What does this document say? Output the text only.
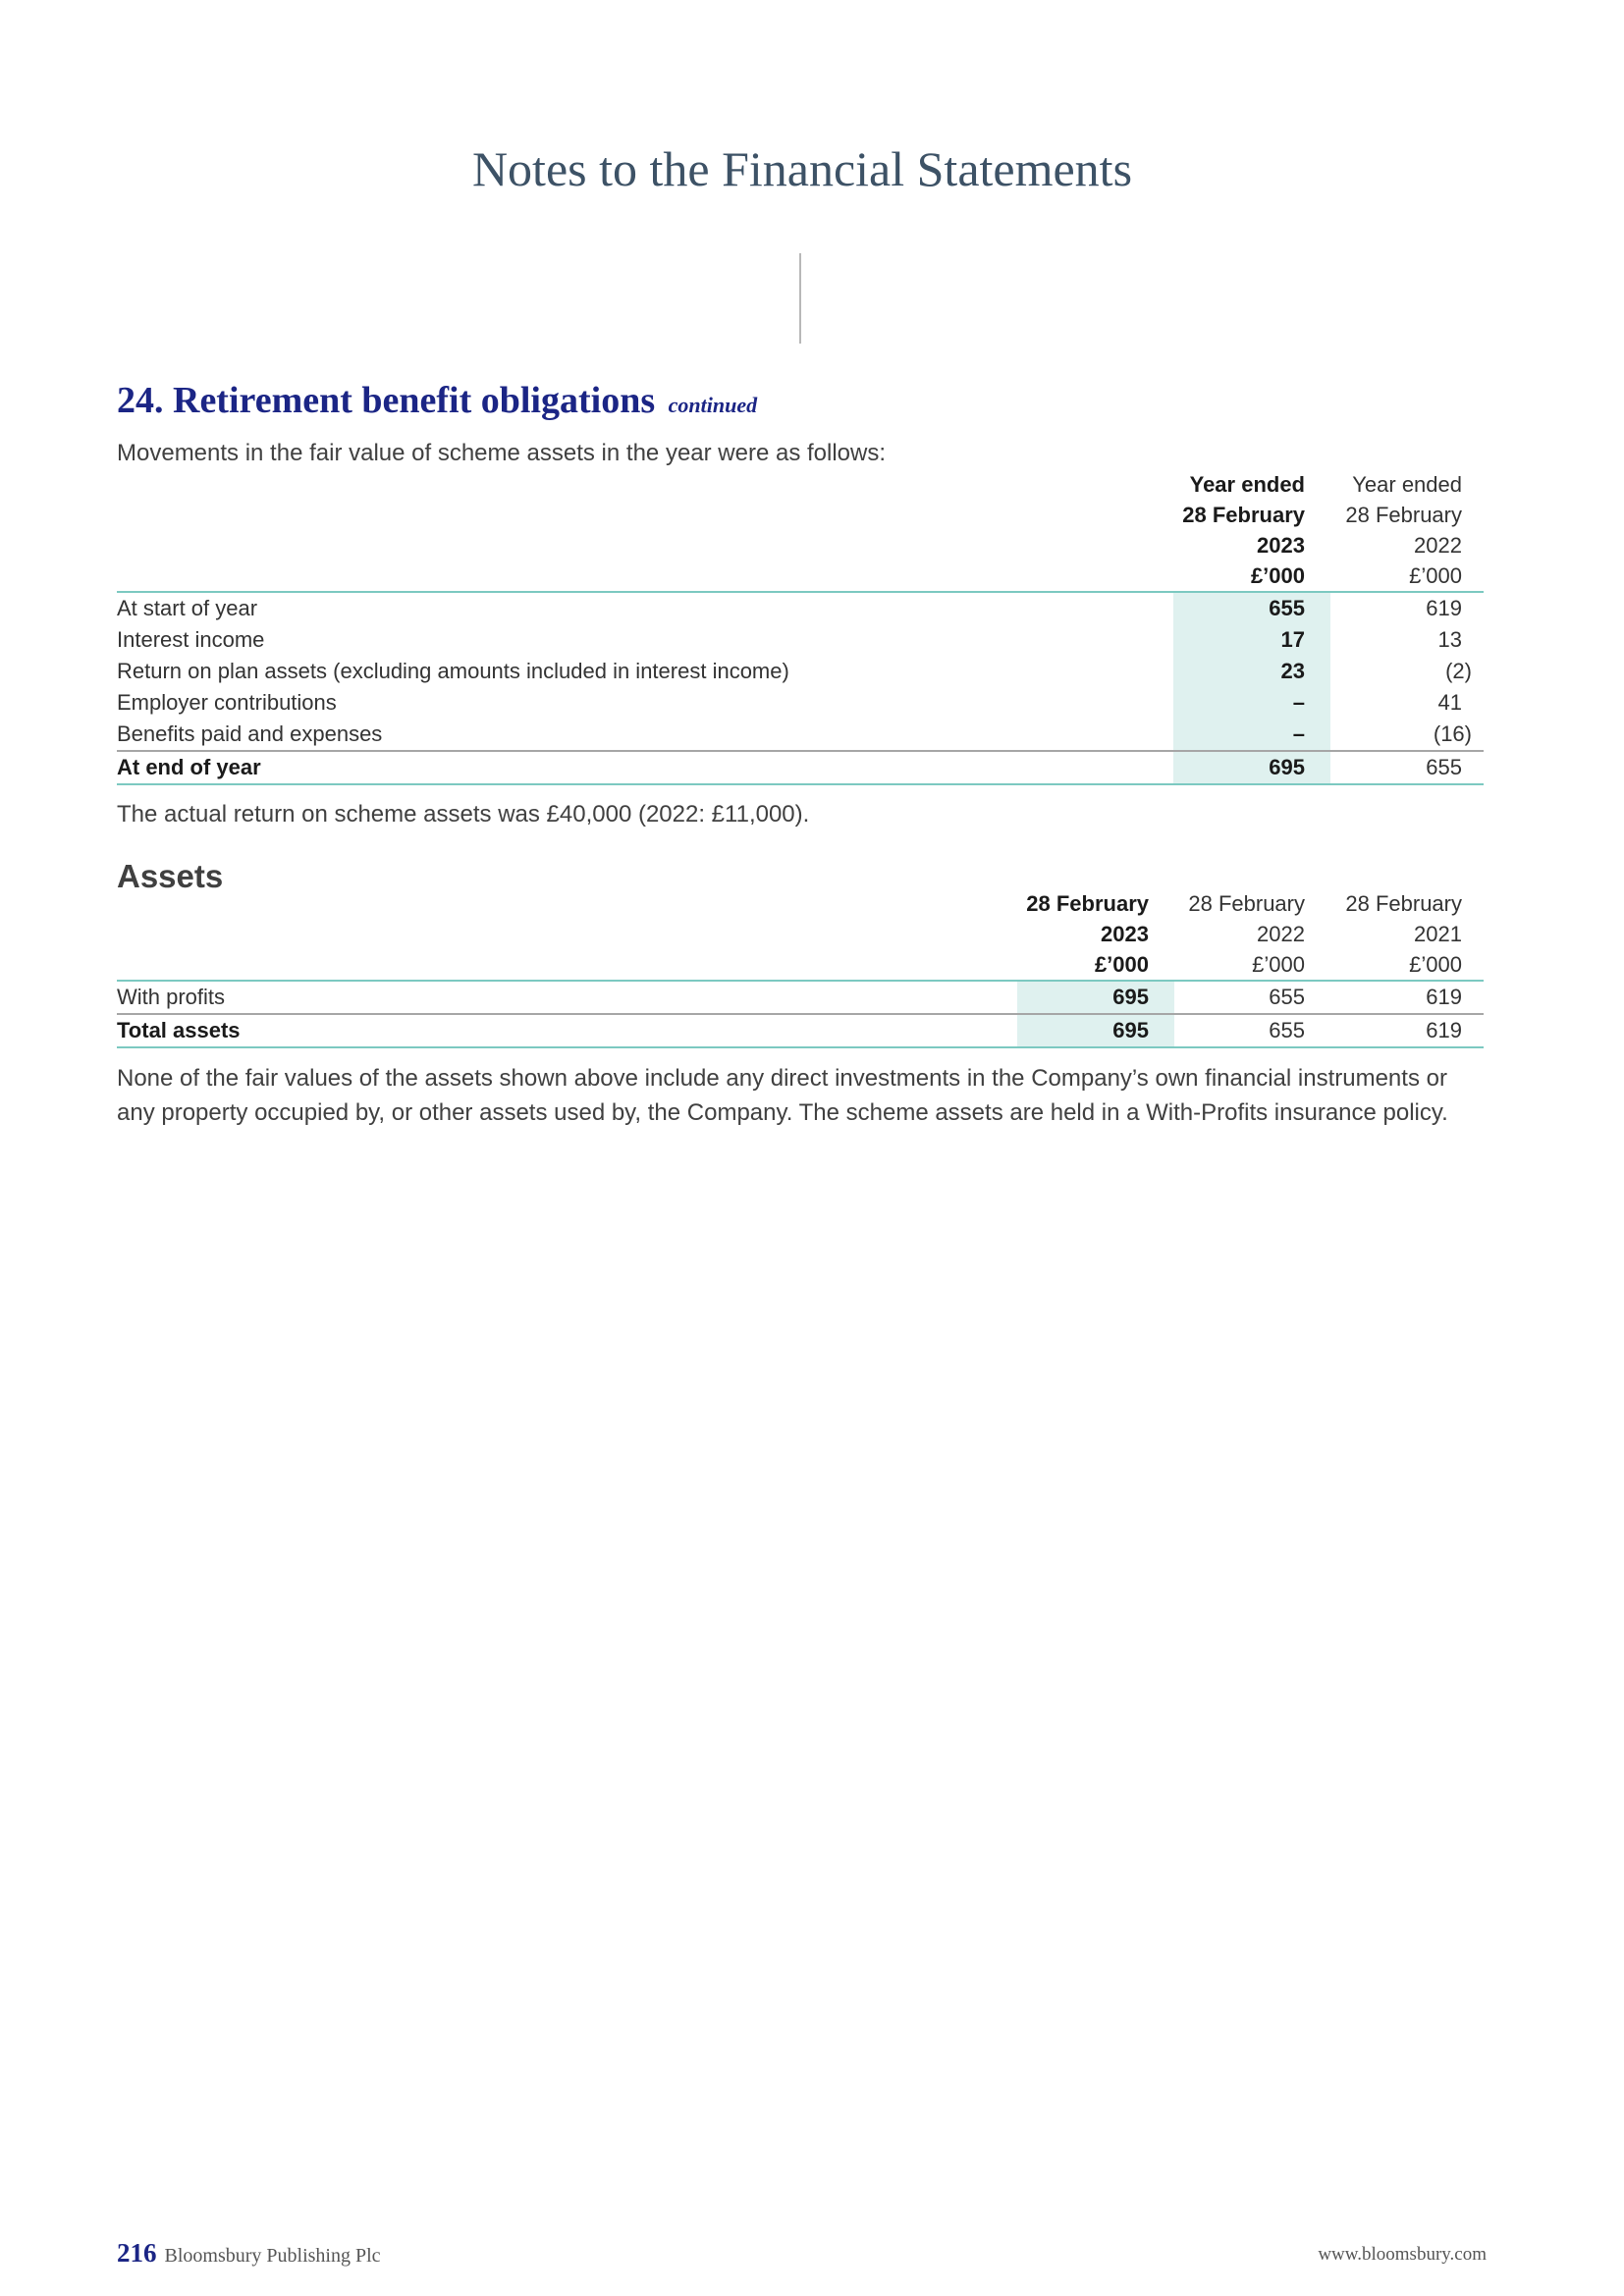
Notes to the Financial Statements
24. Retirement benefit obligations continued
Movements in the fair value of scheme assets in the year were as follows:
Year ended	Year ended
28 February	28 February
2023	2022
£’000	£’000
At start of year	655	619
Interest income	17	13
Return on plan assets (excluding amounts included in interest income)	23	(2)
Employer contributions	–	41
Benefits paid and expenses	–	(16)
At end of year	695	655
The actual return on scheme assets was £40,000 (2022: £11,000).
Assets
28 February	28 February	28 February
2023	2022	2021
£’000	£’000	£’000
With profits	695	655	619
Total assets	695	655	619
None of the fair values of the assets shown above include any direct investments in the Company’s own financial instruments or any property occupied by, or other assets used by, the Company. The scheme assets are held in a With-Profits insurance policy.
216 Bloomsbury Publishing Plc	www.bloomsbury.com
